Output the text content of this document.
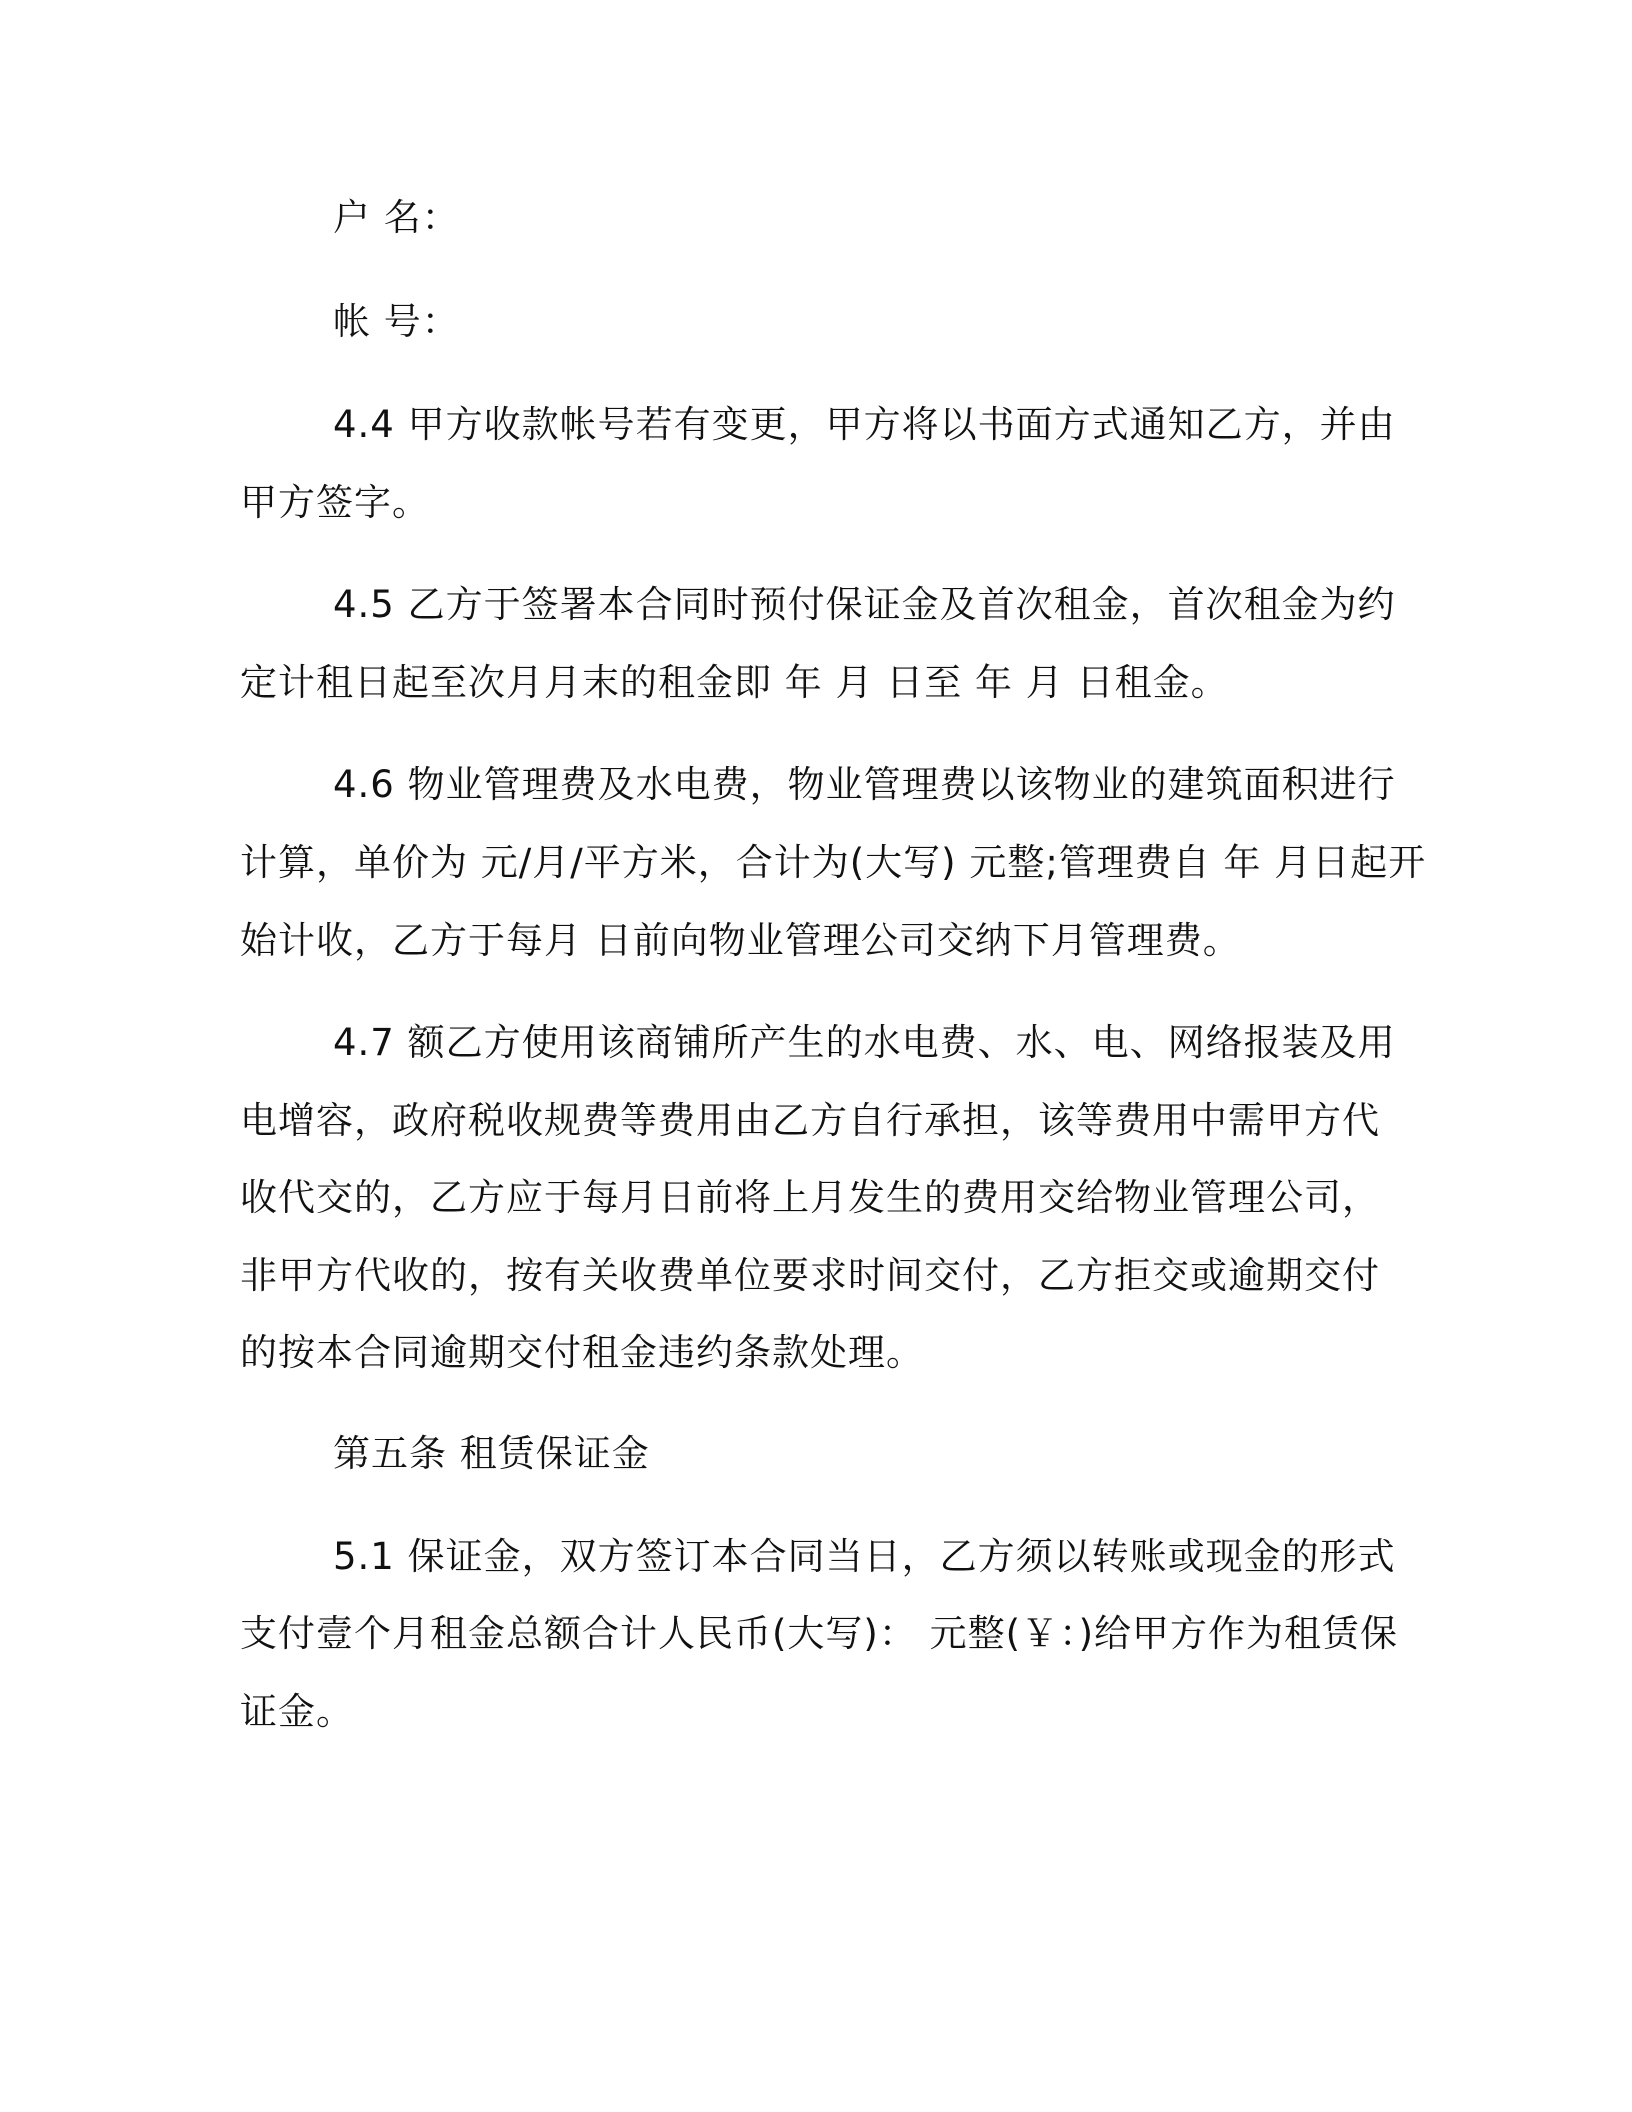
户 名：

帐 号：

4.4 甲方收款帐号若有变更，甲方将以书面方式通知乙方，并由

甲方签字。

4.5 乙方于签署本合同时预付保证金及首次租金，首次租金为约

定计租日起至次月月末的租金即 年 月 日至 年 月 日租金。

4.6 物业管理费及水电费，物业管理费以该物业的建筑面积进行

计算，单价为 元/月/平方米，合计为(大写) 元整;管理费自 年 月日起开

始计收，乙方于每月 日前向物业管理公司交纳下月管理费。

4.7 额乙方使用该商铺所产生的水电费、水、电、网络报装及用

电增容，政府税收规费等费用由乙方自行承担，该等费用中需甲方代

收代交的，乙方应于每月日前将上月发生的费用交给物业管理公司，

非甲方代收的，按有关收费单位要求时间交付，乙方拒交或逾期交付

的按本合同逾期交付租金违约条款处理。

第五条 租赁保证金

5.1 保证金，双方签订本合同当日，乙方须以转账或现金的形式

支付壹个月租金总额合计人民币(大写)： 元整(￥：)给甲方作为租赁保

证金。
